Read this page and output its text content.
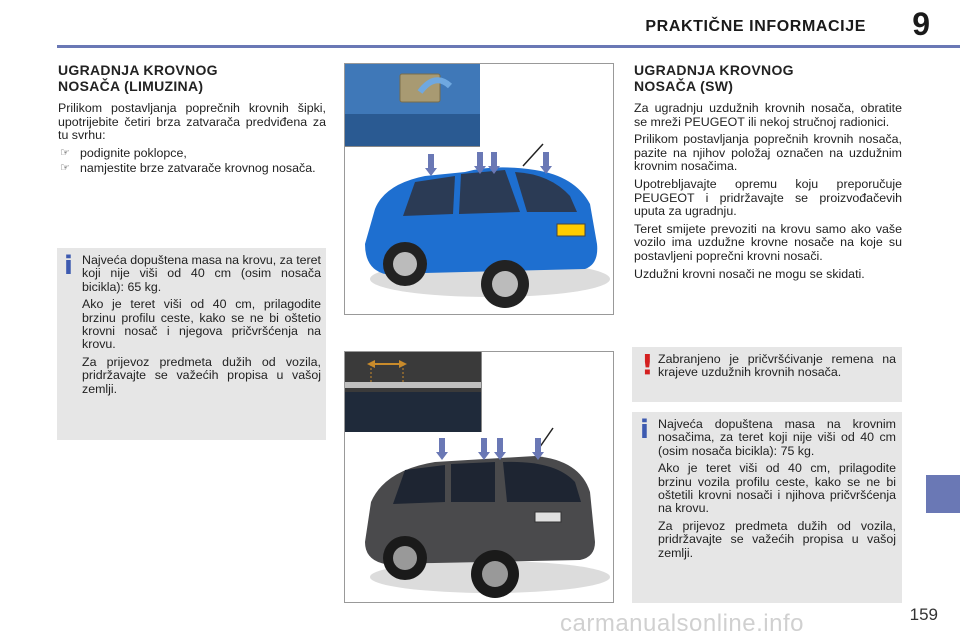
PRAKTIČNE INFORMACIJE 9
UGRADNJA KROVNOG
NOSAČA (LIMUZINA)

Prilikom postavljanja poprečnih krovnih šipki, upotrijebite četiri brza zatvarača predviđena za tu svrhu:

☞ podignite poklopce,
☞ namjestite brze zatvarače krovnog nosača.
i Najveća dopuštena masa na krovu, za teret koji nije viši od 40 cm (osim nosača bicikla): 65 kg.

Ako je teret viši od 40 cm, prilagodite brzinu profilu ceste, kako se ne bi oštetio krovni nosač i njegova pričvršćenja na krovu.

Za prijevoz predmeta dužih od vozila, pridržavajte se važećih propisa u vašoj zemlji.

UGRADNJA KROVNOG
NOSAČA (SW)

Za ugradnju uzdužnih krovnih nosača, obratite se mreži PEUGEOT ili nekoj stručnoj radionici.

Prilikom postavljanja poprečnih krovnih nosača, pazite na njihov položaj označen na uzdužnim krovnim nosačima.

Upotrebljavajte opremu koju preporučuje PEUGEOT i pridržavajte se proizvođačevih uputa za ugradnju.

Teret smijete prevoziti na krovu samo ako vaše vozilo ima uzdužne krovne nosače na koje su postavljeni poprečni krovni nosači.

Uzdužni krovni nosači ne mogu se skidati.

! Zabranjeno je pričvršćivanje remena na krajeve uzdužnih krovnih nosača.

i Najveća dopuštena masa na krovnim nosačima, za teret koji nije viši od 40 cm (osim nosača bicikla): 75 kg.

Ako je teret viši od 40 cm, prilagodite brzinu vozila profilu ceste, kako se ne bi oštetili krovni nosači i njihova pričvršćenja na krovu.

Za prijevoz predmeta dužih od vozila, pridržavajte se važećih propisa u vašoj zemlji.

159
carmanualsonline.info
